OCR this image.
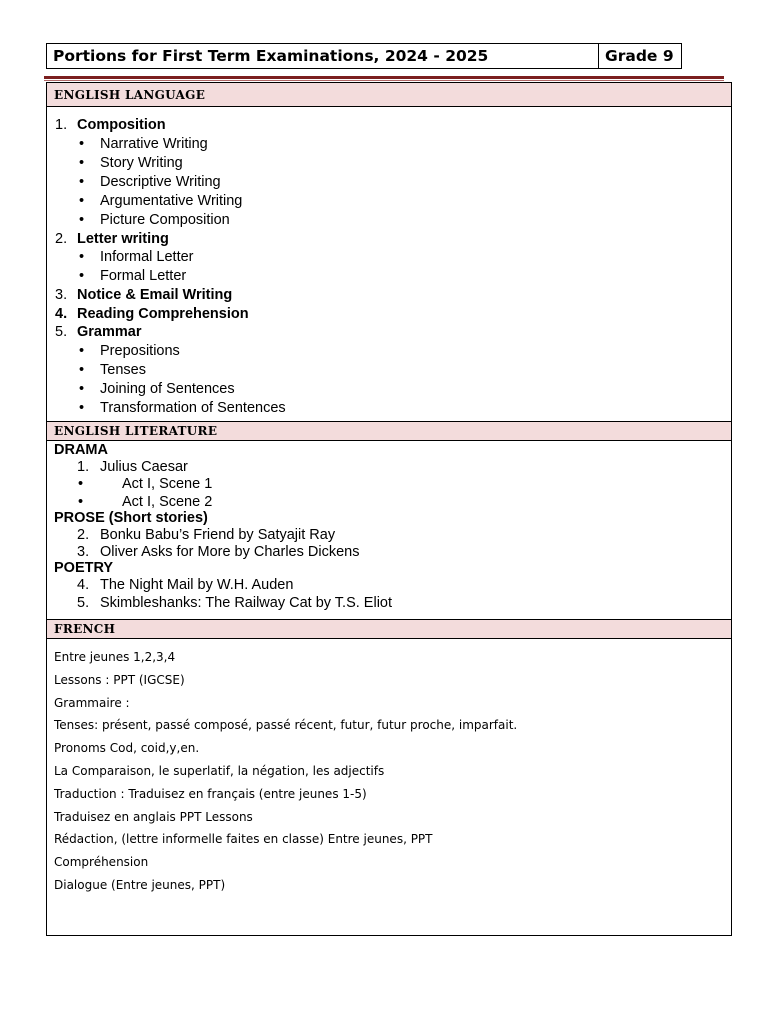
Portions for First Term Examinations, 2024 - 2025	Grade 9
ENGLISH LANGUAGE
1. Composition
• Narrative Writing
• Story Writing
• Descriptive Writing
• Argumentative Writing
• Picture Composition
2. Letter writing
• Informal Letter
• Formal Letter
3. Notice & Email Writing
4. Reading Comprehension
5. Grammar
• Prepositions
• Tenses
• Joining of Sentences
• Transformation of Sentences
ENGLISH LITERATURE
DRAMA
1. Julius Caesar
•	Act I, Scene 1
•	Act I, Scene 2
PROSE (Short stories)
2. Bonku Babu’s Friend by Satyajit Ray
3. Oliver Asks for More by Charles Dickens
POETRY
4. The Night Mail by W.H. Auden
5. Skimbleshanks: The Railway Cat by T.S. Eliot
FRENCH
Entre jeunes 1,2,3,4
Lessons : PPT (IGCSE)
Grammaire :
Tenses: présent, passé composé, passé récent, futur, futur proche, imparfait.
Pronoms Cod, coid,y,en.
La Comparaison, le superlatif, la négation, les adjectifs
Traduction : Traduisez en français (entre jeunes 1-5)
Traduisez en anglais PPT Lessons
Rédaction, (lettre informelle faites en classe) Entre jeunes, PPT
Compréhension
Dialogue (Entre jeunes, PPT)
